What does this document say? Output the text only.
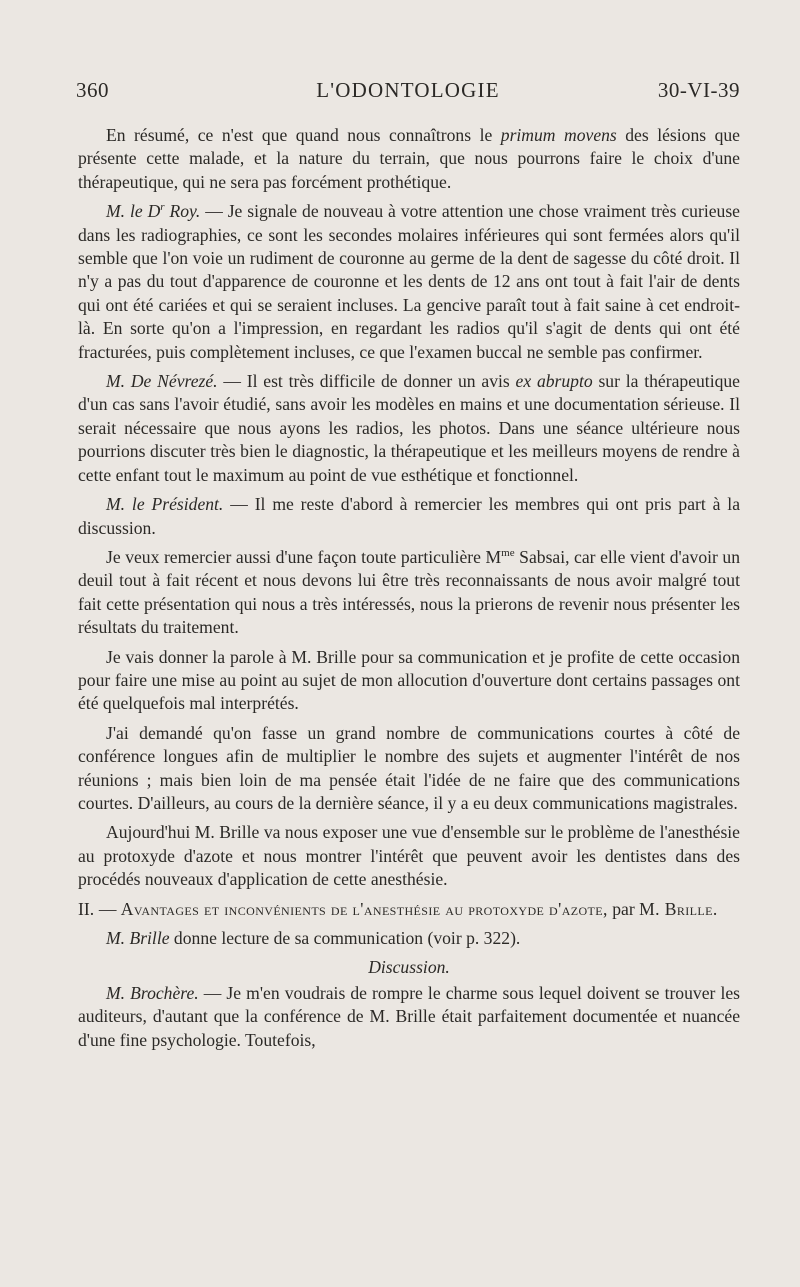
360	L'ODONTOLOGIE	30-VI-39

En résumé, ce n'est que quand nous connaîtrons le primum movens des lésions que présente cette malade, et la nature du terrain, que nous pourrons faire le choix d'une thérapeutique, qui ne sera pas forcément prothétique.

M. le $D^r$ Roy. — Je signale de nouveau à votre attention une chose vraiment très curieuse dans les radiographies, ce sont les secondes molaires inférieures qui sont fermées alors qu'il semble que l'on voie un rudiment de couronne au germe de la dent de sagesse du côté droit. Il n'y a pas du tout d'apparence de couronne et les dents de 12 ans ont tout à fait l'air de dents qui ont été cariées et qui se seraient incluses. La gencive paraît tout à fait saine à cet endroit-là. En sorte qu'on a l'impression, en regardant les radios qu'il s'agit de dents qui ont été fracturées, puis complètement incluses, ce que l'examen buccal ne semble pas confirmer.

M. De Névrezé. — Il est très difficile de donner un avis ex abrupto sur la thérapeutique d'un cas sans l'avoir étudié, sans avoir les modèles en mains et une documentation sérieuse. Il serait nécessaire que nous ayons les radios, les photos. Dans une séance ultérieure nous pourrions discuter très bien le diagnostic, la thérapeutique et les meilleurs moyens de rendre à cette enfant tout le maximum au point de vue esthétique et fonctionnel.

M. le Président. — Il me reste d'abord à remercier les membres qui ont pris part à la discussion.

Je veux remercier aussi d'une façon toute particulière $M^{me}$ Sabsai, car elle vient d'avoir un deuil tout à fait récent et nous devons lui être très reconnaissants de nous avoir malgré tout fait cette présentation qui nous a très intéressés, nous la prierons de revenir nous présenter les résultats du traitement.

Je vais donner la parole à M. Brille pour sa communication et je profite de cette occasion pour faire une mise au point au sujet de mon allocution d'ouverture dont certains passages ont été quelquefois mal interprétés.

J'ai demandé qu'on fasse un grand nombre de communications courtes à côté de conférence longues afin de multiplier le nombre des sujets et augmenter l'intérêt de nos réunions ; mais bien loin de ma pensée était l'idée de ne faire que des communications courtes. D'ailleurs, au cours de la dernière séance, il y a eu deux communications magistrales.

Aujourd'hui M. Brille va nous exposer une vue d'ensemble sur le problème de l'anesthésie au protoxyde d'azote et nous montrer l'intérêt que peuvent avoir les dentistes dans des procédés nouveaux d'application de cette anesthésie.

II. — Avantages et inconvénients de l'anesthésie au protoxyde d'azote, par M. Brille.

M. Brille donne lecture de sa communication (voir p. 322).

Discussion.

M. Brochère. — Je m'en voudrais de rompre le charme sous lequel doivent se trouver les auditeurs, d'autant que la conférence de M. Brille était parfaitement documentée et nuancée d'une fine psychologie. Toutefois,
